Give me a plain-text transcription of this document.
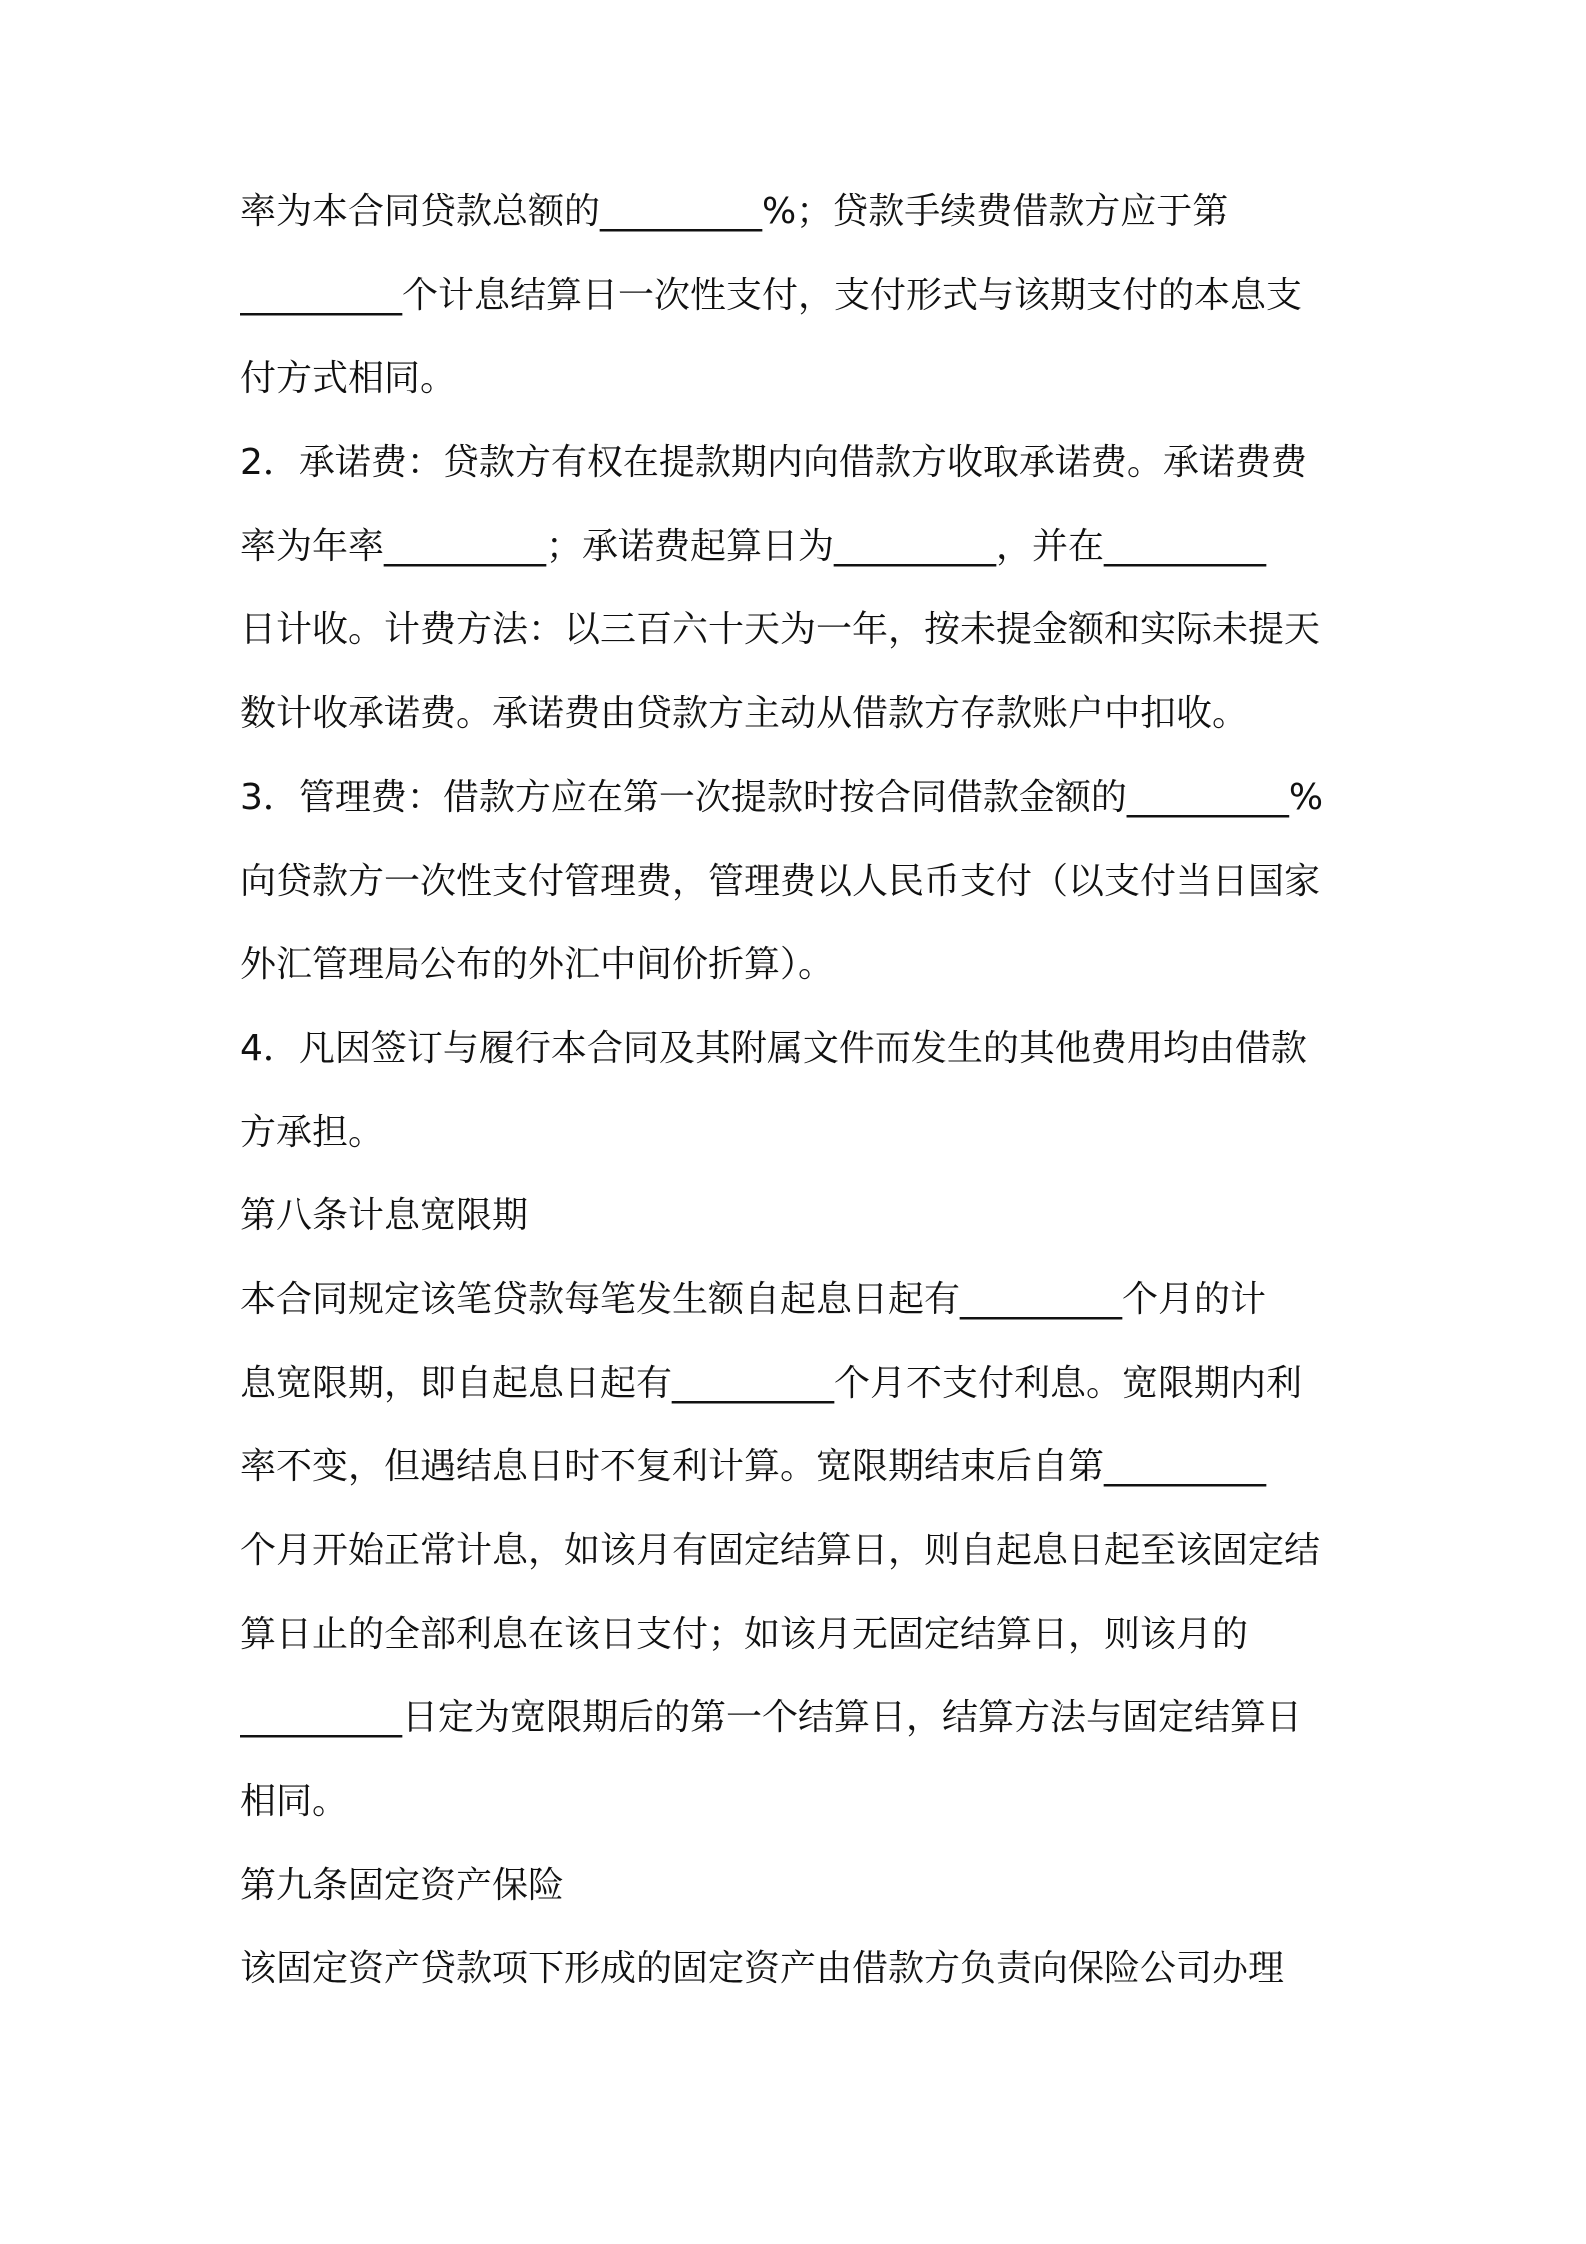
率为本合同贷款总额的_________%；贷款手续费借款方应于第
_________个计息结算日一次性支付，支付形式与该期支付的本息支
付方式相同。
2．承诺费：贷款方有权在提款期内向借款方收取承诺费。承诺费费
率为年率_________；承诺费起算日为_________，并在_________
日计收。计费方法：以三百六十天为一年，按未提金额和实际未提天
数计收承诺费。承诺费由贷款方主动从借款方存款账户中扣收。
3．管理费：借款方应在第一次提款时按合同借款金额的_________%
向贷款方一次性支付管理费，管理费以人民币支付（以支付当日国家
外汇管理局公布的外汇中间价折算）。
4．凡因签订与履行本合同及其附属文件而发生的其他费用均由借款
方承担。
第八条计息宽限期
本合同规定该笔贷款每笔发生额自起息日起有_________个月的计
息宽限期，即自起息日起有_________个月不支付利息。宽限期内利
率不变，但遇结息日时不复利计算。宽限期结束后自第_________
个月开始正常计息，如该月有固定结算日，则自起息日起至该固定结
算日止的全部利息在该日支付；如该月无固定结算日，则该月的
_________日定为宽限期后的第一个结算日，结算方法与固定结算日
相同。
第九条固定资产保险
该固定资产贷款项下形成的固定资产由借款方负责向保险公司办理
